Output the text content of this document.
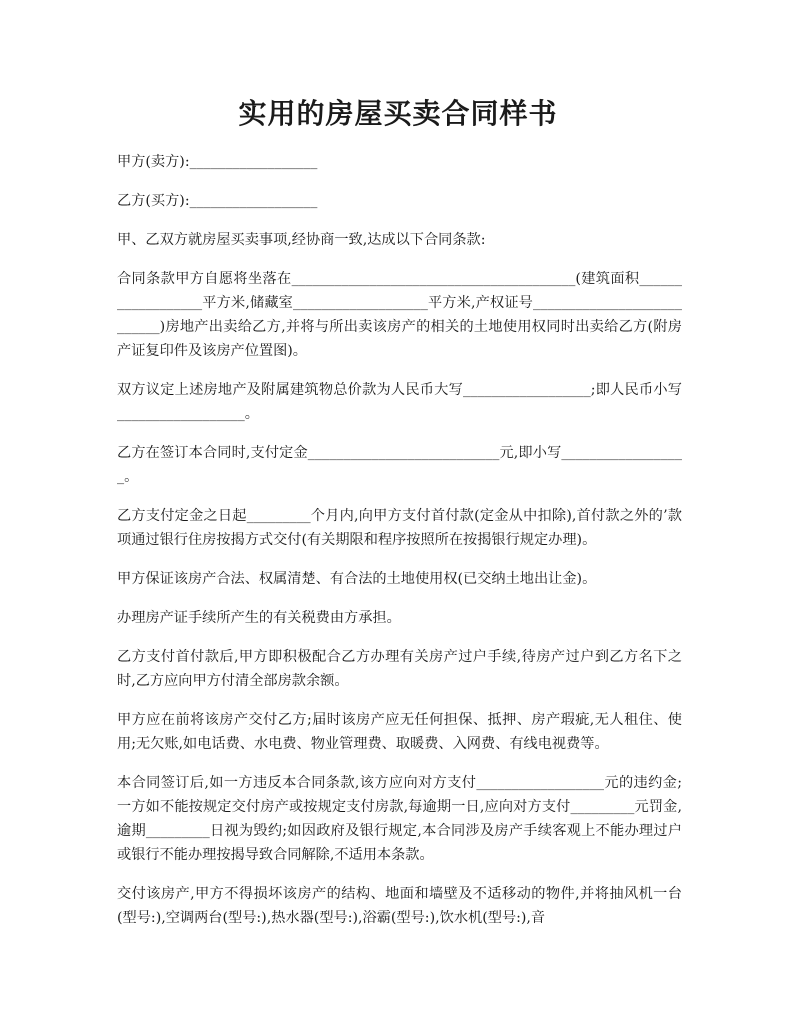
实用的房屋买卖合同样书

甲方(卖方):__________________

乙方(买方):__________________

甲、乙双方就房屋买卖事项,经协商一致,达成以下合同条款:

合同条款甲方自愿将坐落在________________________________________(建筑面积__________________平方米,储藏室___________________平方米,产权证号___________________________)房地产出卖给乙方,并将与所出卖该房产的相关的土地使用权同时出卖给乙方(附房产证复印件及该房产位置图)。

双方议定上述房地产及附属建筑物总价款为人民币大写__________________;即人民币小写__________________。

乙方在签订本合同时,支付定金___________________________元,即小写__________________。

乙方支付定金之日起_________个月内,向甲方支付首付款(定金从中扣除),首付款之外的’款项通过银行住房按揭方式交付(有关期限和程序按照所在按揭银行规定办理)。

甲方保证该房产合法、权属清楚、有合法的土地使用权(已交纳土地出让金)。

办理房产证手续所产生的有关税费由方承担。

乙方支付首付款后,甲方即积极配合乙方办理有关房产过户手续,待房产过户到乙方名下之时,乙方应向甲方付清全部房款余额。

甲方应在前将该房产交付乙方;届时该房产应无任何担保、抵押、房产瑕疵,无人租住、使用;无欠账,如电话费、水电费、物业管理费、取暖费、入网费、有线电视费等。

本合同签订后,如一方违反本合同条款,该方应向对方支付__________________元的违约金;一方如不能按规定交付房产或按规定支付房款,每逾期一日,应向对方支付_________元罚金,逾期_________日视为毁约;如因政府及银行规定,本合同涉及房产手续客观上不能办理过户或银行不能办理按揭导致合同解除,不适用本条款。

交付该房产,甲方不得损坏该房产的结构、地面和墙壁及不适移动的物件,并将抽风机一台(型号:),空调两台(型号:),热水器(型号:),浴霸(型号:),饮水机(型号:),音
